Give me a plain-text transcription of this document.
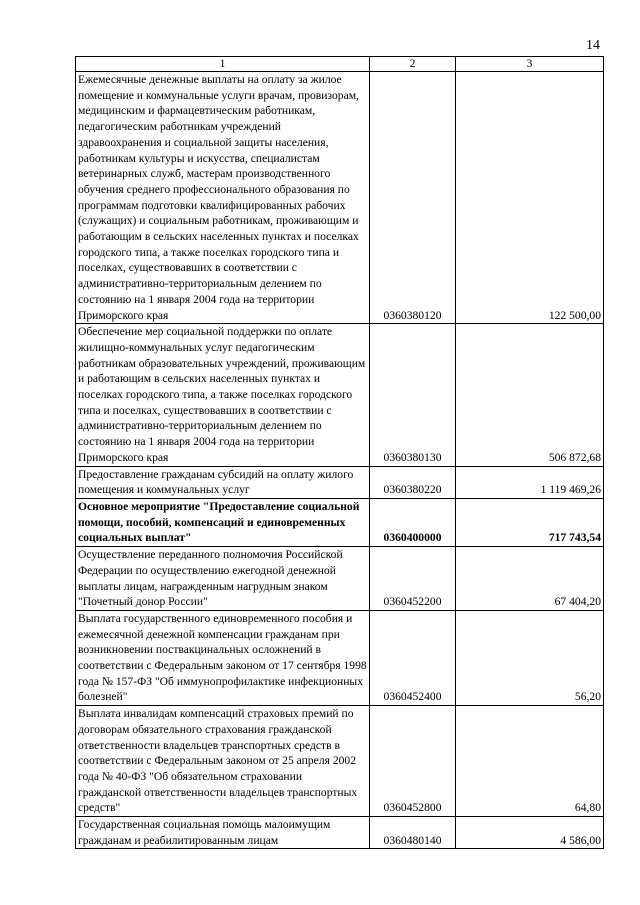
14
1	2	3
Ежемесячные денежные выплаты на оплату за жилое помещение и коммунальные услуги врачам, провизорам, медицинским и фармацевтическим работникам, педагогическим работникам учреждений здравоохранения и социальной защиты населения, работникам культуры и искусства, специалистам ветеринарных служб, мастерам производственного обучения среднего профессионального образования по программам подготовки квалифицированных рабочих (служащих) и социальным работникам, проживающим и работающим в сельских населенных пунктах и поселках городского типа, а также поселках городского типа и поселках, существовавших в соответствии с административно-территориальным делением по состоянию на 1 января 2004 года на территории Приморского края	0360380120	122 500,00
Обеспечение мер социальной поддержки по оплате жилищно-коммунальных услуг педагогическим работникам образовательных учреждений, проживающим и работающим в сельских населенных пунктах и поселках городского типа, а также поселках городского типа и поселках, существовавших в соответствии с административно-территориальным делением по состоянию на 1 января 2004 года на территории Приморского края	0360380130	506 872,68
Предоставление гражданам субсидий на оплату жилого помещения и коммунальных услуг	0360380220	1 119 469,26
Основное мероприятие "Предоставление социальной помощи, пособий, компенсаций и единовременных социальных выплат"	0360400000	717 743,54
Осуществление переданного полномочия Российской Федерации по осуществлению ежегодной денежной выплаты лицам, награжденным нагрудным знаком "Почетный донор России"	0360452200	67 404,20
Выплата государственного единовременного пособия и ежемесячной денежной компенсации гражданам при возникновении поствакцинальных осложнений в соответствии с Федеральным законом от 17 сентября 1998 года № 157-ФЗ "Об иммунопрофилактике инфекционных болезней"	0360452400	56,20
Выплата инвалидам компенсаций страховых премий по договорам обязательного страхования гражданской ответственности владельцев транспортных средств в соответствии с Федеральным законом от 25 апреля 2002 года № 40-ФЗ "Об обязательном страховании гражданской ответственности владельцев транспортных средств"	0360452800	64,80
Государственная социальная помощь малоимущим гражданам и реабилитированным лицам	0360480140	4 586,00
